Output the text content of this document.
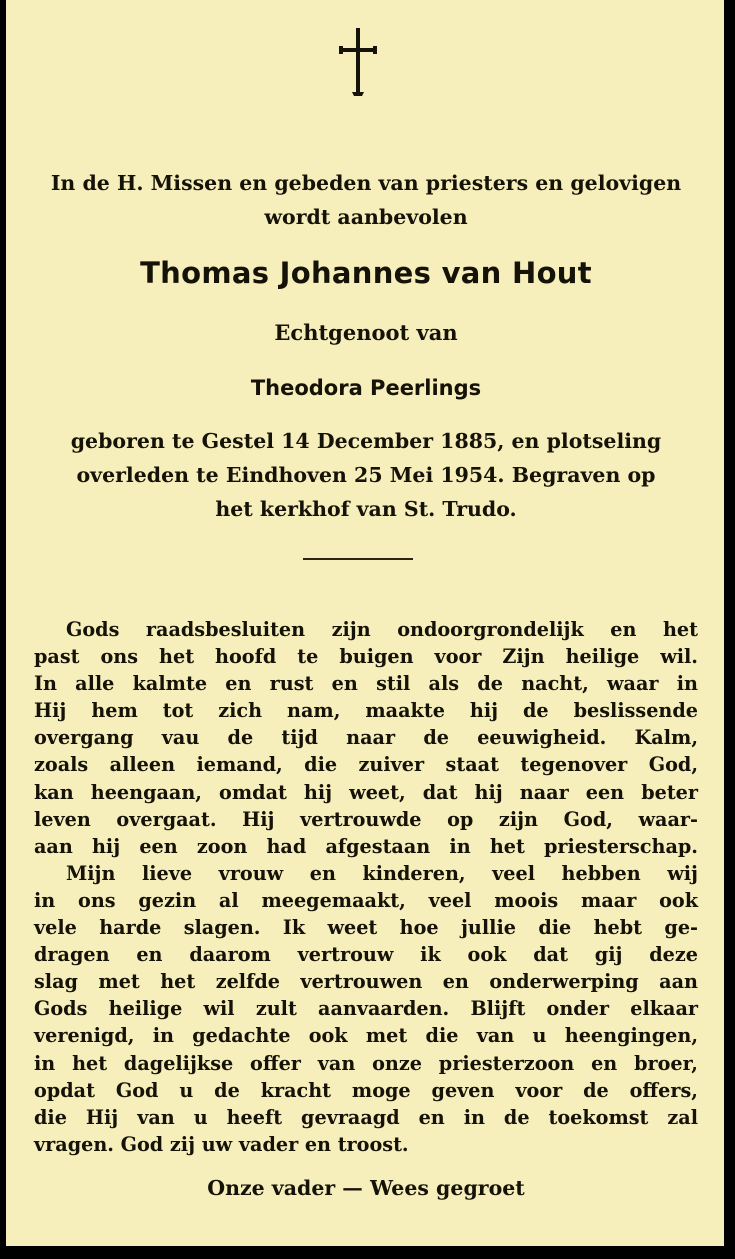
In de H. Missen en gebeden van priesters en gelovigen
wordt aanbevolen
Thomas Johannes van Hout
Echtgenoot van
Theodora Peerlings
geboren te Gestel 14 December 1885, en plotseling
overleden te Eindhoven 25 Mei 1954. Begraven op
het kerkhof van St. Trudo.
Gods raadsbesluiten zijn ondoorgrondelijk en het
past ons het hoofd te buigen voor Zijn heilige wil.
In alle kalmte en rust en stil als de nacht, waar in
Hij hem tot zich nam, maakte hij de beslissende
overgang vau de tijd naar de eeuwigheid. Kalm,
zoals alleen iemand, die zuiver staat tegenover God,
kan heengaan, omdat hij weet, dat hij naar een beter
leven overgaat. Hij vertrouwde op zijn God, waar-
aan hij een zoon had afgestaan in het priesterschap.
Mijn lieve vrouw en kinderen, veel hebben wij
in ons gezin al meegemaakt, veel moois maar ook
vele harde slagen. Ik weet hoe jullie die hebt ge-
dragen en daarom vertrouw ik ook dat gij deze
slag met het zelfde vertrouwen en onderwerping aan
Gods heilige wil zult aanvaarden. Blijft onder elkaar
verenigd, in gedachte ook met die van u heengingen,
in het dagelijkse offer van onze priesterzoon en broer,
opdat God u de kracht moge geven voor de offers,
die Hij van u heeft gevraagd en in de toekomst zal
vragen. God zij uw vader en troost.
Onze vader — Wees gegroet
